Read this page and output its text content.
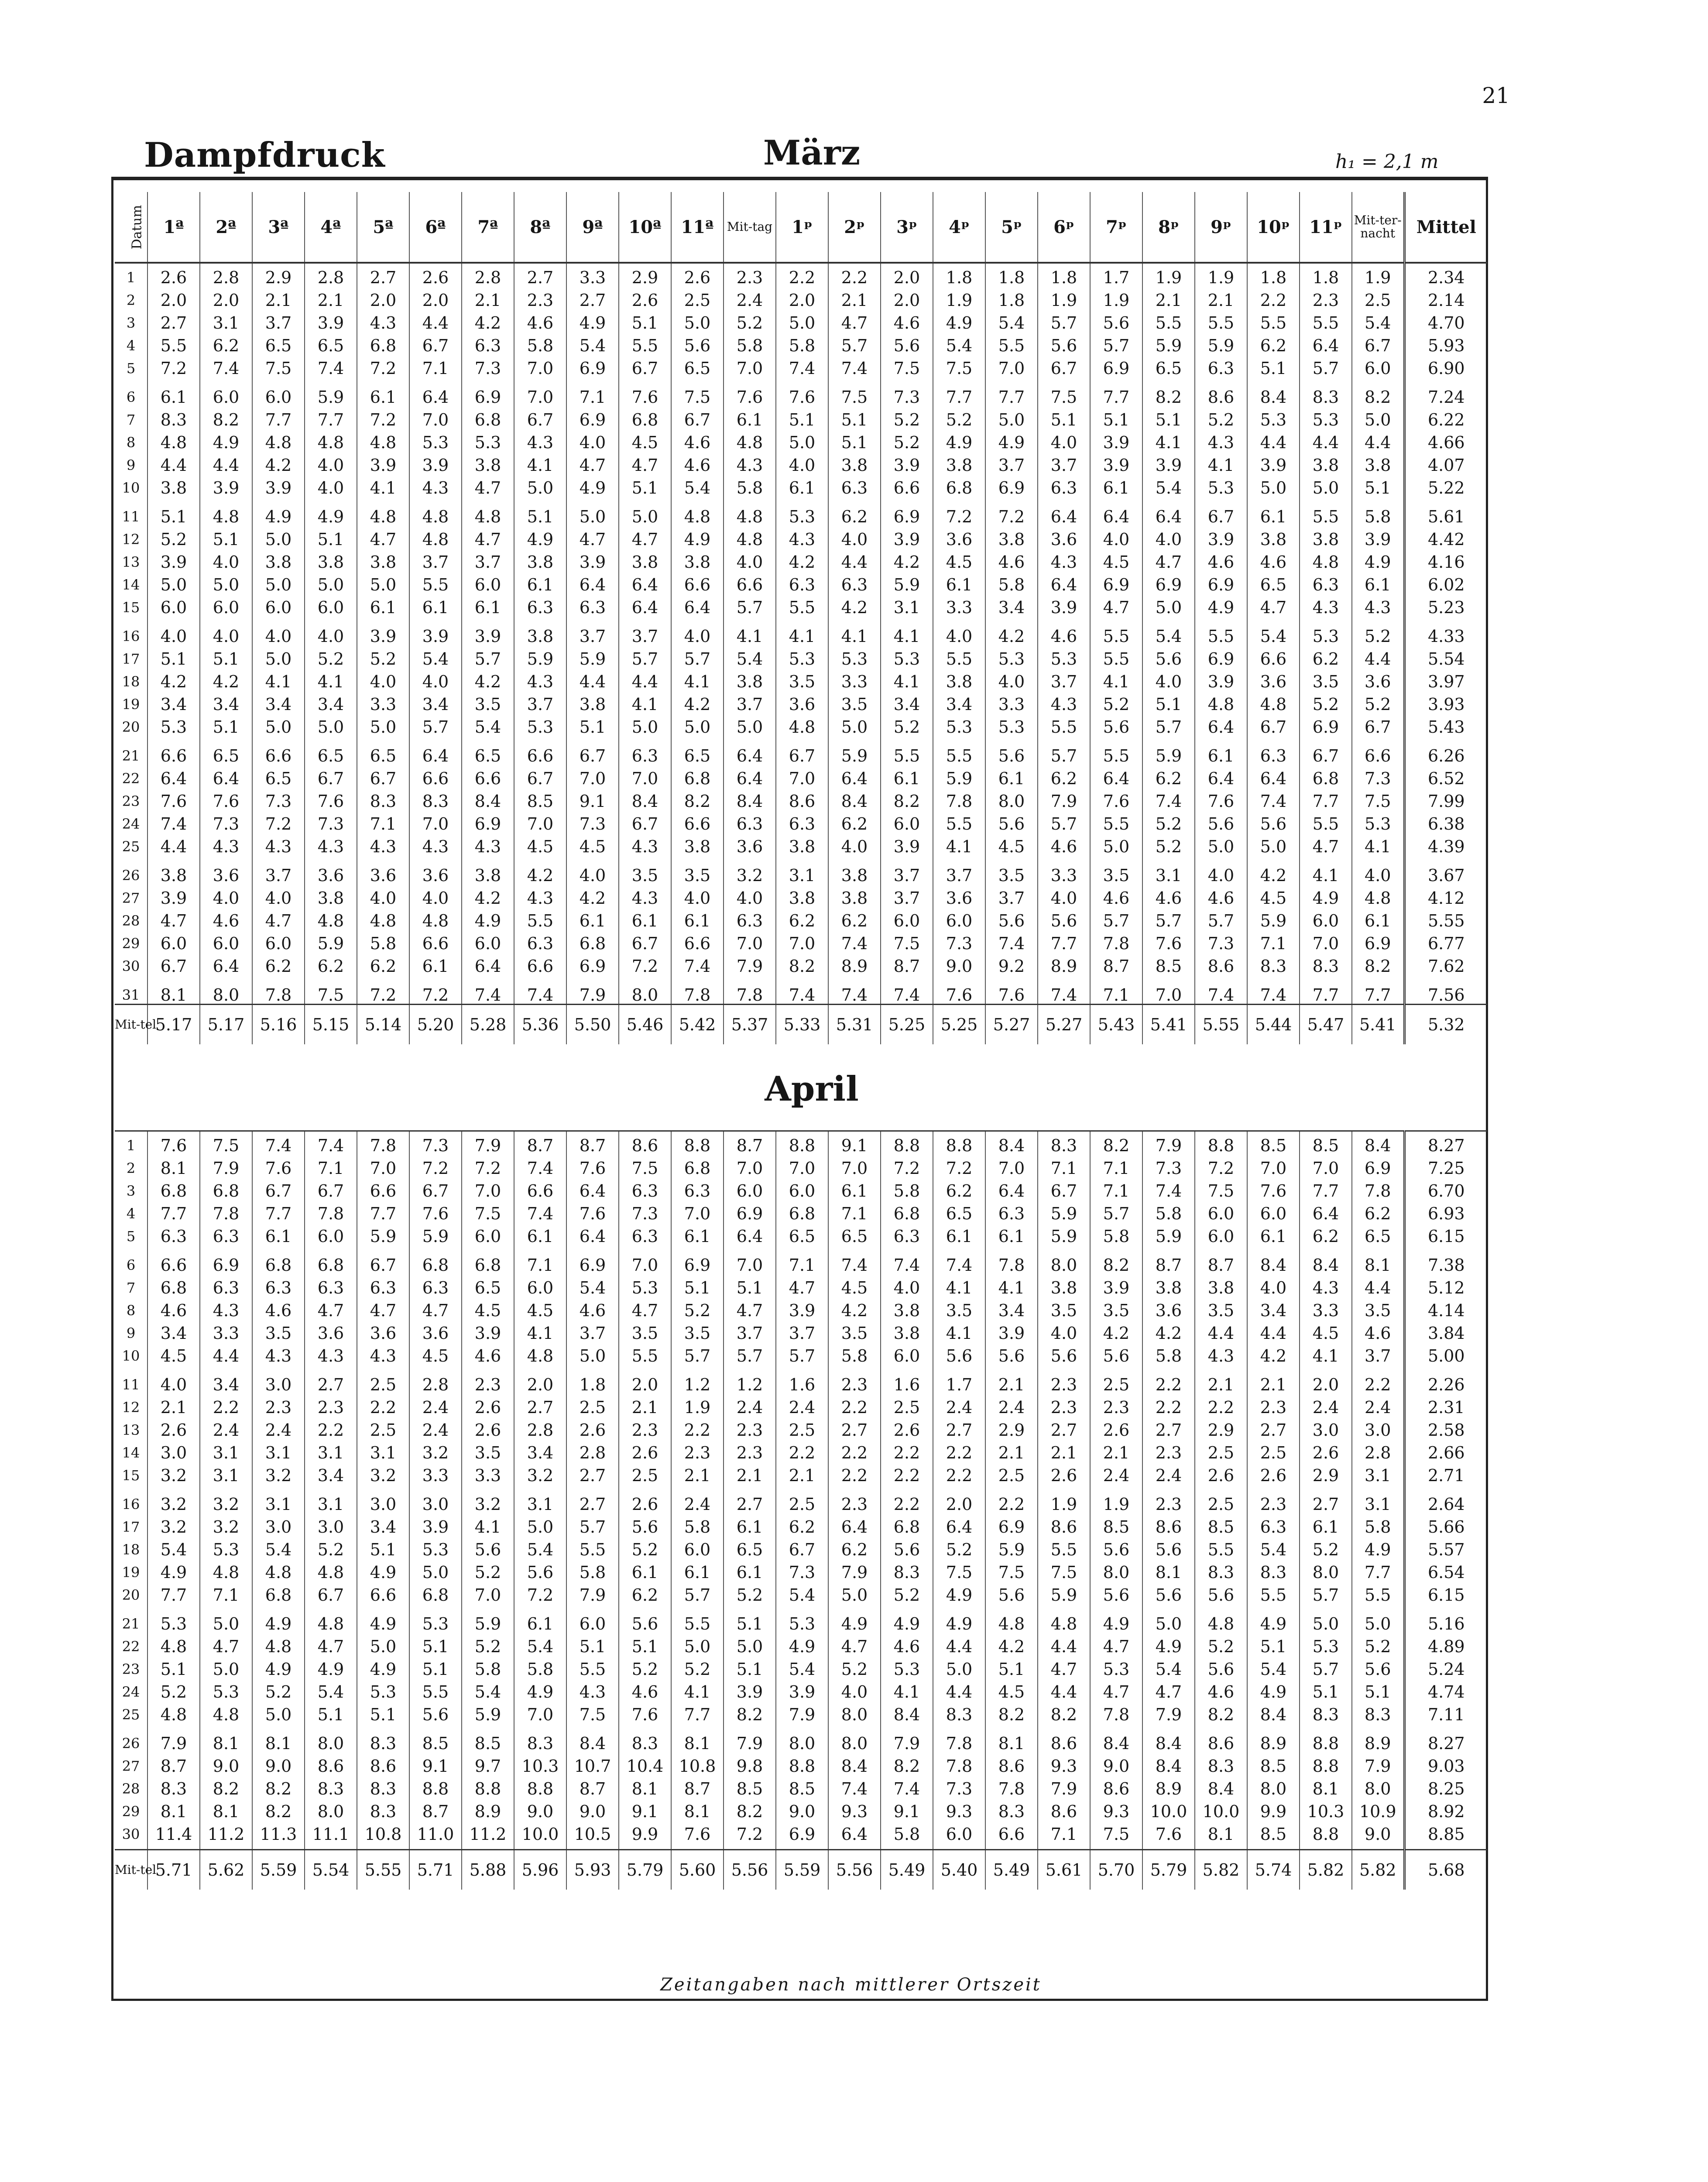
21
Dampfdruck	März	h₁ = 2,1 m
Datum	1ª	2ª	3ª	4ª	5ª	6ª	7ª	8ª	9ª	10ª	11ª	Mit-tag	1ᵖ	2ᵖ	3ᵖ	4ᵖ	5ᵖ	6ᵖ	7ᵖ	8ᵖ	9ᵖ	10ᵖ	11ᵖ	Mit-ter-nacht	Mittel
1	2.6	2.8	2.9	2.8	2.7	2.6	2.8	2.7	3.3	2.9	2.6	2.3	2.2	2.2	2.0	1.8	1.8	1.8	1.7	1.9	1.9	1.8	1.8	1.9	2.34
2	2.0	2.0	2.1	2.1	2.0	2.0	2.1	2.3	2.7	2.6	2.5	2.4	2.0	2.1	2.0	1.9	1.8	1.9	1.9	2.1	2.1	2.2	2.3	2.5	2.14
3	2.7	3.1	3.7	3.9	4.3	4.4	4.2	4.6	4.9	5.1	5.0	5.2	5.0	4.7	4.6	4.9	5.4	5.7	5.6	5.5	5.5	5.5	5.5	5.4	4.70
4	5.5	6.2	6.5	6.5	6.8	6.7	6.3	5.8	5.4	5.5	5.6	5.8	5.8	5.7	5.6	5.4	5.5	5.6	5.7	5.9	5.9	6.2	6.4	6.7	5.93
5	7.2	7.4	7.5	7.4	7.2	7.1	7.3	7.0	6.9	6.7	6.5	7.0	7.4	7.4	7.5	7.5	7.0	6.7	6.9	6.5	6.3	5.1	5.7	6.0	6.90
6	6.1	6.0	6.0	5.9	6.1	6.4	6.9	7.0	7.1	7.6	7.5	7.6	7.6	7.5	7.3	7.7	7.7	7.5	7.7	8.2	8.6	8.4	8.3	8.2	7.24
7	8.3	8.2	7.7	7.7	7.2	7.0	6.8	6.7	6.9	6.8	6.7	6.1	5.1	5.1	5.2	5.2	5.0	5.1	5.1	5.1	5.2	5.3	5.3	5.0	6.22
8	4.8	4.9	4.8	4.8	4.8	5.3	5.3	4.3	4.0	4.5	4.6	4.8	5.0	5.1	5.2	4.9	4.9	4.0	3.9	4.1	4.3	4.4	4.4	4.4	4.66
9	4.4	4.4	4.2	4.0	3.9	3.9	3.8	4.1	4.7	4.7	4.6	4.3	4.0	3.8	3.9	3.8	3.7	3.7	3.9	3.9	4.1	3.9	3.8	3.8	4.07
10	3.8	3.9	3.9	4.0	4.1	4.3	4.7	5.0	4.9	5.1	5.4	5.8	6.1	6.3	6.6	6.8	6.9	6.3	6.1	5.4	5.3	5.0	5.0	5.1	5.22
11	5.1	4.8	4.9	4.9	4.8	4.8	4.8	5.1	5.0	5.0	4.8	4.8	5.3	6.2	6.9	7.2	7.2	6.4	6.4	6.4	6.7	6.1	5.5	5.8	5.61
12	5.2	5.1	5.0	5.1	4.7	4.8	4.7	4.9	4.7	4.7	4.9	4.8	4.3	4.0	3.9	3.6	3.8	3.6	4.0	4.0	3.9	3.8	3.8	3.9	4.42
13	3.9	4.0	3.8	3.8	3.8	3.7	3.7	3.8	3.9	3.8	3.8	4.0	4.2	4.4	4.2	4.5	4.6	4.3	4.5	4.7	4.6	4.6	4.8	4.9	4.16
14	5.0	5.0	5.0	5.0	5.0	5.5	6.0	6.1	6.4	6.4	6.6	6.6	6.3	6.3	5.9	6.1	5.8	6.4	6.9	6.9	6.9	6.5	6.3	6.1	6.02
15	6.0	6.0	6.0	6.0	6.1	6.1	6.1	6.3	6.3	6.4	6.4	5.7	5.5	4.2	3.1	3.3	3.4	3.9	4.7	5.0	4.9	4.7	4.3	4.3	5.23
16	4.0	4.0	4.0	4.0	3.9	3.9	3.9	3.8	3.7	3.7	4.0	4.1	4.1	4.1	4.1	4.0	4.2	4.6	5.5	5.4	5.5	5.4	5.3	5.2	4.33
17	5.1	5.1	5.0	5.2	5.2	5.4	5.7	5.9	5.9	5.7	5.7	5.4	5.3	5.3	5.3	5.5	5.3	5.3	5.5	5.6	6.9	6.6	6.2	4.4	5.54
18	4.2	4.2	4.1	4.1	4.0	4.0	4.2	4.3	4.4	4.4	4.1	3.8	3.5	3.3	4.1	3.8	4.0	3.7	4.1	4.0	3.9	3.6	3.5	3.6	3.97
19	3.4	3.4	3.4	3.4	3.3	3.4	3.5	3.7	3.8	4.1	4.2	3.7	3.6	3.5	3.4	3.4	3.3	4.3	5.2	5.1	4.8	4.8	5.2	5.2	3.93
20	5.3	5.1	5.0	5.0	5.0	5.7	5.4	5.3	5.1	5.0	5.0	5.0	4.8	5.0	5.2	5.3	5.3	5.5	5.6	5.7	6.4	6.7	6.9	6.7	5.43
21	6.6	6.5	6.6	6.5	6.5	6.4	6.5	6.6	6.7	6.3	6.5	6.4	6.7	5.9	5.5	5.5	5.6	5.7	5.5	5.9	6.1	6.3	6.7	6.6	6.26
22	6.4	6.4	6.5	6.7	6.7	6.6	6.6	6.7	7.0	7.0	6.8	6.4	7.0	6.4	6.1	5.9	6.1	6.2	6.4	6.2	6.4	6.4	6.8	7.3	6.52
23	7.6	7.6	7.3	7.6	8.3	8.3	8.4	8.5	9.1	8.4	8.2	8.4	8.6	8.4	8.2	7.8	8.0	7.9	7.6	7.4	7.6	7.4	7.7	7.5	7.99
24	7.4	7.3	7.2	7.3	7.1	7.0	6.9	7.0	7.3	6.7	6.6	6.3	6.3	6.2	6.0	5.5	5.6	5.7	5.5	5.2	5.6	5.6	5.5	5.3	6.38
25	4.4	4.3	4.3	4.3	4.3	4.3	4.3	4.5	4.5	4.3	3.8	3.6	3.8	4.0	3.9	4.1	4.5	4.6	5.0	5.2	5.0	5.0	4.7	4.1	4.39
26	3.8	3.6	3.7	3.6	3.6	3.6	3.8	4.2	4.0	3.5	3.5	3.2	3.1	3.8	3.7	3.7	3.5	3.3	3.5	3.1	4.0	4.2	4.1	4.0	3.67
27	3.9	4.0	4.0	3.8	4.0	4.0	4.2	4.3	4.2	4.3	4.0	4.0	3.8	3.8	3.7	3.6	3.7	4.0	4.6	4.6	4.6	4.5	4.9	4.8	4.12
28	4.7	4.6	4.7	4.8	4.8	4.8	4.9	5.5	6.1	6.1	6.1	6.3	6.2	6.2	6.0	6.0	5.6	5.6	5.7	5.7	5.7	5.9	6.0	6.1	5.55
29	6.0	6.0	6.0	5.9	5.8	6.6	6.0	6.3	6.8	6.7	6.6	7.0	7.0	7.4	7.5	7.3	7.4	7.7	7.8	7.6	7.3	7.1	7.0	6.9	6.77
30	6.7	6.4	6.2	6.2	6.2	6.1	6.4	6.6	6.9	7.2	7.4	7.9	8.2	8.9	8.7	9.0	9.2	8.9	8.7	8.5	8.6	8.3	8.3	8.2	7.62
31	8.1	8.0	7.8	7.5	7.2	7.2	7.4	7.4	7.9	8.0	7.8	7.8	7.4	7.4	7.4	7.6	7.6	7.4	7.1	7.0	7.4	7.4	7.7	7.7	7.56
Mit-tel	5.17	5.17	5.16	5.15	5.14	5.20	5.28	5.36	5.50	5.46	5.42	5.37	5.33	5.31	5.25	5.25	5.27	5.27	5.43	5.41	5.55	5.44	5.47	5.41	5.32
April
1	7.6	7.5	7.4	7.4	7.8	7.3	7.9	8.7	8.7	8.6	8.8	8.7	8.8	9.1	8.8	8.8	8.4	8.3	8.2	7.9	8.8	8.5	8.5	8.4	8.27
2	8.1	7.9	7.6	7.1	7.0	7.2	7.2	7.4	7.6	7.5	6.8	7.0	7.0	7.0	7.2	7.2	7.0	7.1	7.1	7.3	7.2	7.0	7.0	6.9	7.25
3	6.8	6.8	6.7	6.7	6.6	6.7	7.0	6.6	6.4	6.3	6.3	6.0	6.0	6.1	5.8	6.2	6.4	6.7	7.1	7.4	7.5	7.6	7.7	7.8	6.70
4	7.7	7.8	7.7	7.8	7.7	7.6	7.5	7.4	7.6	7.3	7.0	6.9	6.8	7.1	6.8	6.5	6.3	5.9	5.7	5.8	6.0	6.0	6.4	6.2	6.93
5	6.3	6.3	6.1	6.0	5.9	5.9	6.0	6.1	6.4	6.3	6.1	6.4	6.5	6.5	6.3	6.1	6.1	5.9	5.8	5.9	6.0	6.1	6.2	6.5	6.15
6	6.6	6.9	6.8	6.8	6.7	6.8	6.8	7.1	6.9	7.0	6.9	7.0	7.1	7.4	7.4	7.4	7.8	8.0	8.2	8.7	8.7	8.4	8.4	8.1	7.38
7	6.8	6.3	6.3	6.3	6.3	6.3	6.5	6.0	5.4	5.3	5.1	5.1	4.7	4.5	4.0	4.1	4.1	3.8	3.9	3.8	3.8	4.0	4.3	4.4	5.12
8	4.6	4.3	4.6	4.7	4.7	4.7	4.5	4.5	4.6	4.7	5.2	4.7	3.9	4.2	3.8	3.5	3.4	3.5	3.5	3.6	3.5	3.4	3.3	3.5	4.14
9	3.4	3.3	3.5	3.6	3.6	3.6	3.9	4.1	3.7	3.5	3.5	3.7	3.7	3.5	3.8	4.1	3.9	4.0	4.2	4.2	4.4	4.4	4.5	4.6	3.84
10	4.5	4.4	4.3	4.3	4.3	4.5	4.6	4.8	5.0	5.5	5.7	5.7	5.7	5.8	6.0	5.6	5.6	5.6	5.6	5.8	4.3	4.2	4.1	3.7	5.00
11	4.0	3.4	3.0	2.7	2.5	2.8	2.3	2.0	1.8	2.0	1.2	1.2	1.6	2.3	1.6	1.7	2.1	2.3	2.5	2.2	2.1	2.1	2.0	2.2	2.26
12	2.1	2.2	2.3	2.3	2.2	2.4	2.6	2.7	2.5	2.1	1.9	2.4	2.4	2.2	2.5	2.4	2.4	2.3	2.3	2.2	2.2	2.3	2.4	2.4	2.31
13	2.6	2.4	2.4	2.2	2.5	2.4	2.6	2.8	2.6	2.3	2.2	2.3	2.5	2.7	2.6	2.7	2.9	2.7	2.6	2.7	2.9	2.7	3.0	3.0	2.58
14	3.0	3.1	3.1	3.1	3.1	3.2	3.5	3.4	2.8	2.6	2.3	2.3	2.2	2.2	2.2	2.2	2.1	2.1	2.1	2.3	2.5	2.5	2.6	2.8	2.66
15	3.2	3.1	3.2	3.4	3.2	3.3	3.3	3.2	2.7	2.5	2.1	2.1	2.1	2.2	2.2	2.2	2.5	2.6	2.4	2.4	2.6	2.6	2.9	3.1	2.71
16	3.2	3.2	3.1	3.1	3.0	3.0	3.2	3.1	2.7	2.6	2.4	2.7	2.5	2.3	2.2	2.0	2.2	1.9	1.9	2.3	2.5	2.3	2.7	3.1	2.64
17	3.2	3.2	3.0	3.0	3.4	3.9	4.1	5.0	5.7	5.6	5.8	6.1	6.2	6.4	6.8	6.4	6.9	8.6	8.5	8.6	8.5	6.3	6.1	5.8	5.66
18	5.4	5.3	5.4	5.2	5.1	5.3	5.6	5.4	5.5	5.2	6.0	6.5	6.7	6.2	5.6	5.2	5.9	5.5	5.6	5.6	5.5	5.4	5.2	4.9	5.57
19	4.9	4.8	4.8	4.8	4.9	5.0	5.2	5.6	5.8	6.1	6.1	6.1	7.3	7.9	8.3	7.5	7.5	7.5	8.0	8.1	8.3	8.3	8.0	7.7	6.54
20	7.7	7.1	6.8	6.7	6.6	6.8	7.0	7.2	7.9	6.2	5.7	5.2	5.4	5.0	5.2	4.9	5.6	5.9	5.6	5.6	5.6	5.5	5.7	5.5	6.15
21	5.3	5.0	4.9	4.8	4.9	5.3	5.9	6.1	6.0	5.6	5.5	5.1	5.3	4.9	4.9	4.9	4.8	4.8	4.9	5.0	4.8	4.9	5.0	5.0	5.16
22	4.8	4.7	4.8	4.7	5.0	5.1	5.2	5.4	5.1	5.1	5.0	5.0	4.9	4.7	4.6	4.4	4.2	4.4	4.7	4.9	5.2	5.1	5.3	5.2	4.89
23	5.1	5.0	4.9	4.9	4.9	5.1	5.8	5.8	5.5	5.2	5.2	5.1	5.4	5.2	5.3	5.0	5.1	4.7	5.3	5.4	5.6	5.4	5.7	5.6	5.24
24	5.2	5.3	5.2	5.4	5.3	5.5	5.4	4.9	4.3	4.6	4.1	3.9	3.9	4.0	4.1	4.4	4.5	4.4	4.7	4.7	4.6	4.9	5.1	5.1	4.74
25	4.8	4.8	5.0	5.1	5.1	5.6	5.9	7.0	7.5	7.6	7.7	8.2	7.9	8.0	8.4	8.3	8.2	8.2	7.8	7.9	8.2	8.4	8.3	8.3	7.11
26	7.9	8.1	8.1	8.0	8.3	8.5	8.5	8.3	8.4	8.3	8.1	7.9	8.0	8.0	7.9	7.8	8.1	8.6	8.4	8.4	8.6	8.9	8.8	8.9	8.27
27	8.7	9.0	9.0	8.6	8.6	9.1	9.7	10.3	10.7	10.4	10.8	9.8	8.8	8.4	8.2	7.8	8.6	9.3	9.0	8.4	8.3	8.5	8.8	7.9	9.03
28	8.3	8.2	8.2	8.3	8.3	8.8	8.8	8.8	8.7	8.1	8.7	8.5	8.5	7.4	7.4	7.3	7.8	7.9	8.6	8.9	8.4	8.0	8.1	8.0	8.25
29	8.1	8.1	8.2	8.0	8.3	8.7	8.9	9.0	9.0	9.1	8.1	8.2	9.0	9.3	9.1	9.3	8.3	8.6	9.3	10.0	10.0	9.9	10.3	10.9	8.92
30	11.4	11.2	11.3	11.1	10.8	11.0	11.2	10.0	10.5	9.9	7.6	7.2	6.9	6.4	5.8	6.0	6.6	7.1	7.5	7.6	8.1	8.5	8.8	9.0	8.85
Mit-tel	5.71	5.62	5.59	5.54	5.55	5.71	5.88	5.96	5.93	5.79	5.60	5.56	5.59	5.56	5.49	5.40	5.49	5.61	5.70	5.79	5.82	5.74	5.82	5.82	5.68
Zeitangaben nach mittlerer Ortszeit
